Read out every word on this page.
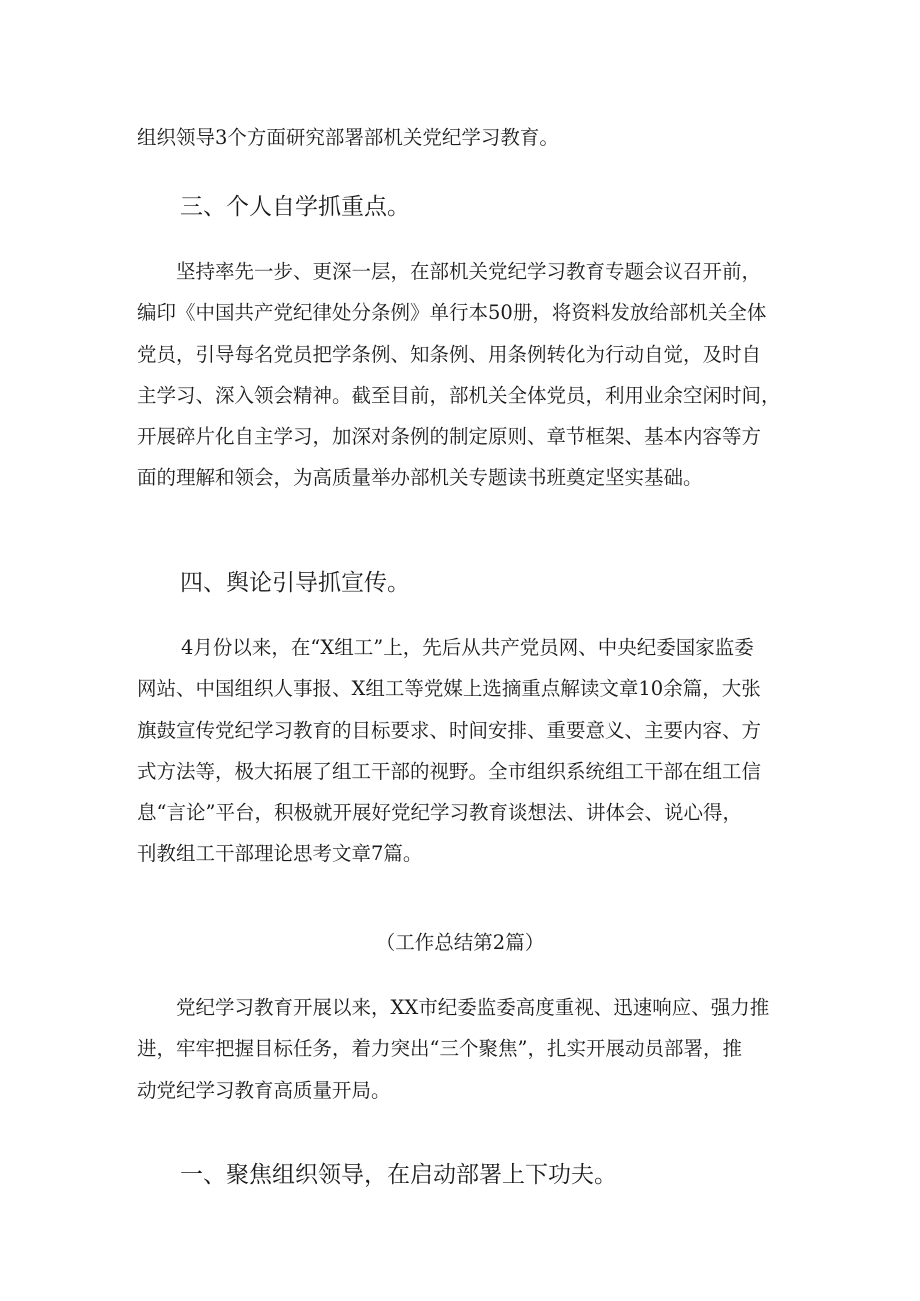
组织领导3个方面研究部署部机关党纪学习教育。
三、个人自学抓重点。
坚持率先一步、更深一层，在部机关党纪学习教育专题会议召开前，
编印《中国共产党纪律处分条例》单行本50册，将资料发放给部机关全体
党员，引导每名党员把学条例、知条例、用条例转化为行动自觉，及时自
主学习、深入领会精神。截至目前，部机关全体党员，利用业余空闲时间，
开展碎片化自主学习，加深对条例的制定原则、章节框架、基本内容等方
面的理解和领会，为高质量举办部机关专题读书班奠定坚实基础。
四、舆论引导抓宣传。
4月份以来，在“X组工”上，先后从共产党员网、中央纪委国家监委
网站、中国组织人事报、X组工等党媒上选摘重点解读文章10余篇，大张
旗鼓宣传党纪学习教育的目标要求、时间安排、重要意义、主要内容、方
式方法等，极大拓展了组工干部的视野。全市组织系统组工干部在组工信
息“言论”平台，积极就开展好党纪学习教育谈想法、讲体会、说心得，
刊教组工干部理论思考文章7篇。

（工作总结第2篇）

党纪学习教育开展以来，XX市纪委监委高度重视、迅速响应、强力推
进，牢牢把握目标任务，着力突出“三个聚焦”，扎实开展动员部署，推
动党纪学习教育高质量开局。
一、聚焦组织领导，在启动部署上下功夫。
